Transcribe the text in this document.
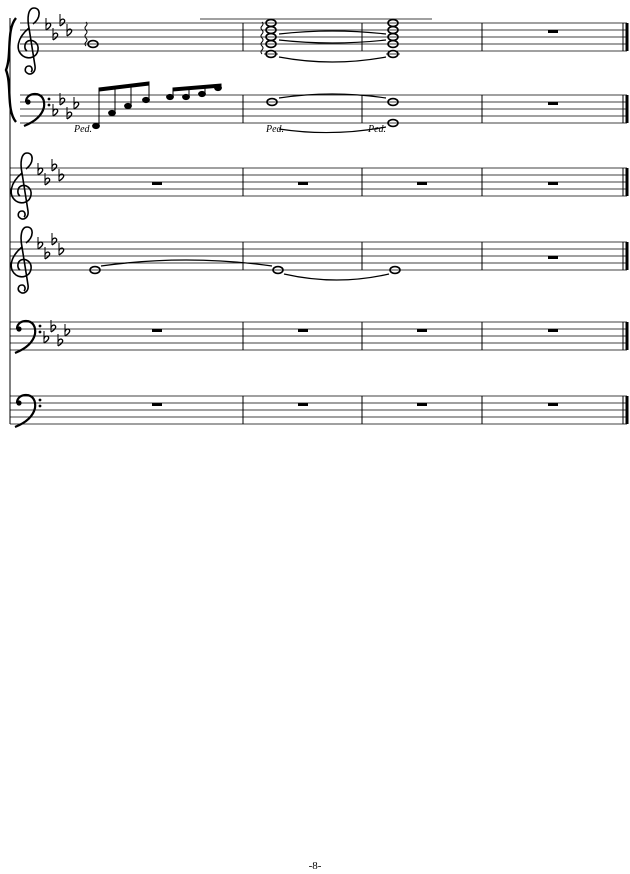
Ped.	Ped.	Ped.
-8-
